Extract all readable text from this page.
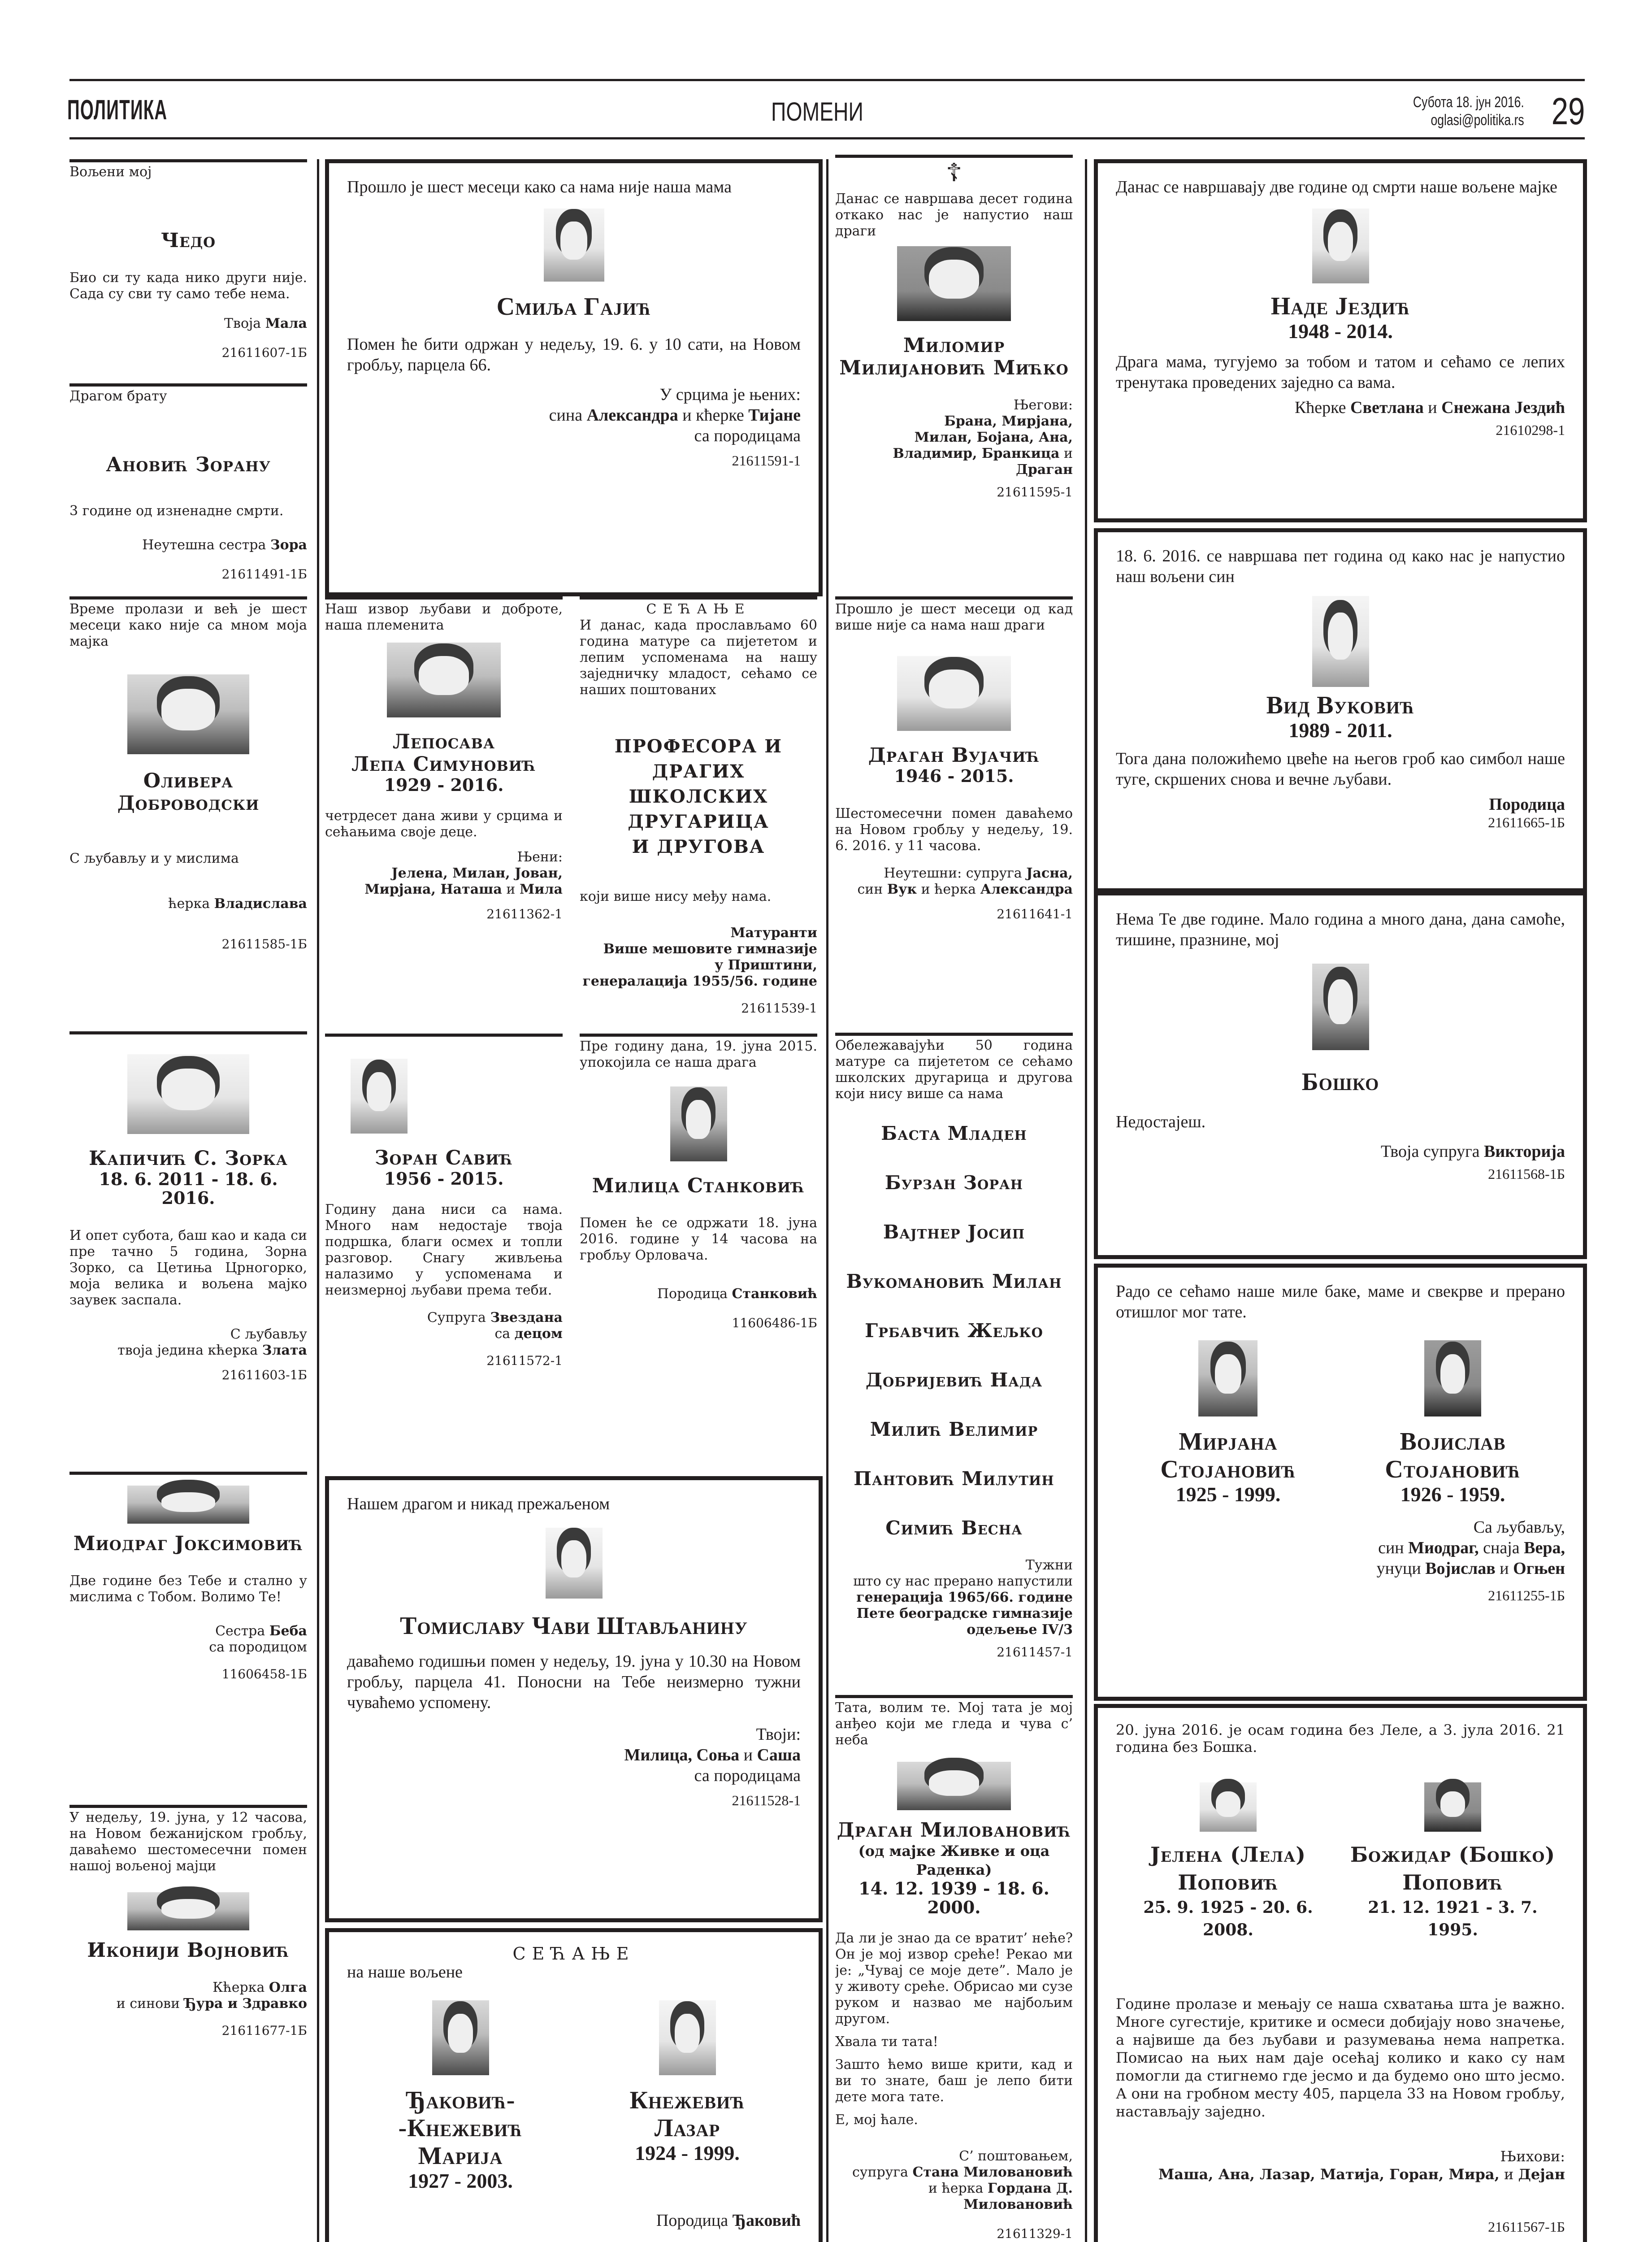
ПОЛИТИКА	ПОМЕНИ	Субота 18. јун 2016.
oglasi@politika.rs 29
Вољени мој
Чедо
Био си ту када нико други није. Сада су сви ту само тебе нема.
Твоја Мала
21611607-1Б
Драгом брату
Ановић Зорану
3 године од изненадне смрти.
Неутешна сестра Зора
21611491-1Б
Време пролази и већ је шест месеци како није са мном моја мајка
Оливера
Доброводски
С љубављу и у мислима
ћерка Владислава
21611585-1Б
Капичић С. Зорка
18. 6. 2011 - 18. 6. 2016.
И опет субота, баш као и када си пре тачно 5 година, Зорна Зорко, са Цетиња Црногорко, моја велика и вољена мајко заувек заспала.
С љубављу
твоја једина кћерка Злата
21611603-1Б
Миодраг Јоксимовић
Две године без Тебе и стално у мислима с Тобом. Волимо Те!
Сестра Беба
са породицом
11606458-1Б
У недељу, 19. јуна, у 12 часова, на Новом бежанијском гробљу, даваћемо шестомесечни помен нашој вољеној мајци
Иконији Војновић
Кћерка Олга
и синови Ђура и Здравко
21611677-1Б
Прошло је шест месеци како са нама није наша мама
Смиља Гајић
Помен ће бити одржан у недељу, 19. 6. у 10 сати, на Новом гробљу, парцела 66.
У срцима је њених:
сина Александра и кћерке Тијане
са породицама
21611591-1
Наш извор љубави и доброте, наша племенита
Лепосава
Лепа Симуновић
1929 - 2016.
четрдесет дана живи у срцима и сећањима своје деце.
Њени:
Јелена, Милан, Јован,
Мирјана, Наташа и Мила
21611362-1
СЕЋАЊЕ
И данас, када прослављамо 60 година матуре са пијететом и лепим успоменама на нашу заједничку младост, сећамо се наших поштованих
ПРОФЕСОРА И ДРАГИХ
ШКОЛСКИХ ДРУГАРИЦА
И ДРУГОВА
који више нису међу нама.
Матуранти
Више мешовите гимназије
у Приштини,
генералација 1955/56. године
21611539-1
Зоран Савић
1956 - 2015.
Годину дана ниси са нама. Много нам недостаје твоја подршка, благи осмех и топли разговор. Снагу живљења налазимо у успоменама и неизмерној љубави према теби.
Супруга Звездана
са децом
21611572-1
Пре годину дана, 19. јуна 2015. упокојила се наша драга
Милица Станковић
Помен ће се одржати 18. јуна 2016. године у 14 часова на гробљу Орловача.
Породица Станковић
11606486-1Б
Нашем драгом и никад прежаљеном
Томиславу Чави Штављанину
даваћемо годишњи помен у недељу, 19. јуна у 10.30 на Новом гробљу, парцела 41. Поносни на Тебе неизмерно тужни чуваћемо успомену.
Твоји:
Милица, Соња и Саша
са породицама
21611528-1
СЕЋАЊЕ
на наше вољене
Ђаковић-
-Кнежевић
Марија
1927 - 2003.
Кнежевић
Лазар
1924 - 1999.
Породица Ђаковић
☦
Данас се навршава десет година откако нас је напустио наш драги
Миломир
Милијановић Мићко
Његови:
Брана, Мирјана,
Милан, Бојана, Ана,
Владимир, Бранкица и Драган
21611595-1
Прошло је шест месеци од кад више није са нама наш драги
Драган Вујачић
1946 - 2015.
Шестомесечни помен даваћемо на Новом гробљу у недељу, 19. 6. 2016. у 11 часова.
Неутешни: супруга Јасна,
син Вук и ћерка Александра
21611641-1
Обележавајући 50 година матуре са пијететом се сећамо школских другарица и другова који нису више са нама
Баста Младен
Бурзан Зоран
Вајтнер Јосип
Вукомановић Милан
Грбавчић Жељко
Добријевић Нада
Милић Велимир
Пантовић Милутин
Симић Весна
Тужни
што су нас прерано напустили
генерација 1965/66. године
Пете београдске гимназије
одељење IV/3
21611457-1
Тата, волим те. Мој тата је мој анђео који ме гледа и чува с’ неба
Драган Миловановић
(од мајке Живке и оца Раденка)
14. 12. 1939 - 18. 6. 2000.
Да ли је знао да се вратит’ неће? Он је мој извор среће! Рекао ми је: „Чувај се моје дете”. Мало је у животу среће. Обрисао ми сузе руком и назвао ме најбољим другом.
Хвала ти тата!
Зашто ћемо више крити, кад и ви то знате, баш је лепо бити дете мога тате.
Е, мој ћале.
С’ поштовањем,
супруга Стана Миловановић
и ћерка Гордана Д. Миловановић
21611329-1
Данас се навршавају две године од смрти наше вољене мајке
Наде Јездић
1948 - 2014.
Драга мама, тугујемо за тобом и татом и сећамо се лепих тренутака проведених заједно са вама.
Кћерке Светлана и Снежана Јездић
21610298-1
18. 6. 2016. се навршава пет година од како нас је напустио наш вољени син
Вид Вуковић
1989 - 2011.
Тога дана положићемо цвеће на његов гроб као симбол наше туге, скршених снова и вечне љубави.
Породица
21611665-1Б
Нема Те две године. Мало година а много дана, дана самоће, тишине, празнине, мој
Бошко
Недостајеш.
Твоја супруга Викторија
21611568-1Б
Радо се сећамо наше миле баке, маме и свекрве и прерано отишлог мог тате.
Мирјана
Стојановић
1925 - 1999.
Војислав
Стојановић
1926 - 1959.
Са љубављу,
син Миодраг, снаја Вера,
унуци Војислав и Огњен
21611255-1Б
20. јуна 2016. је осам година без Леле, а 3. јула 2016. 21 година без Бошка.
Јелена (Лела)
Поповић
25. 9. 1925 - 20. 6. 2008.
Божидар (Бошко)
Поповић
21. 12. 1921 - 3. 7. 1995.
Године пролазе и мењају се наша схватања шта је важно. Многе сугестије, критике и осмеси добијају ново значење, а највише да без љубави и разумевања нема напретка. Помисао на њих нам даје осећај колико и како су нам помогли да стигнемо где јесмо и да будемо оно што јесмо. А они на гробном месту 405, парцела 33 на Новом гробљу, настављају заједно.
Њихови:
Маша, Ана, Лазар, Матија, Горан, Мира, и Дејан
21611567-1Б
